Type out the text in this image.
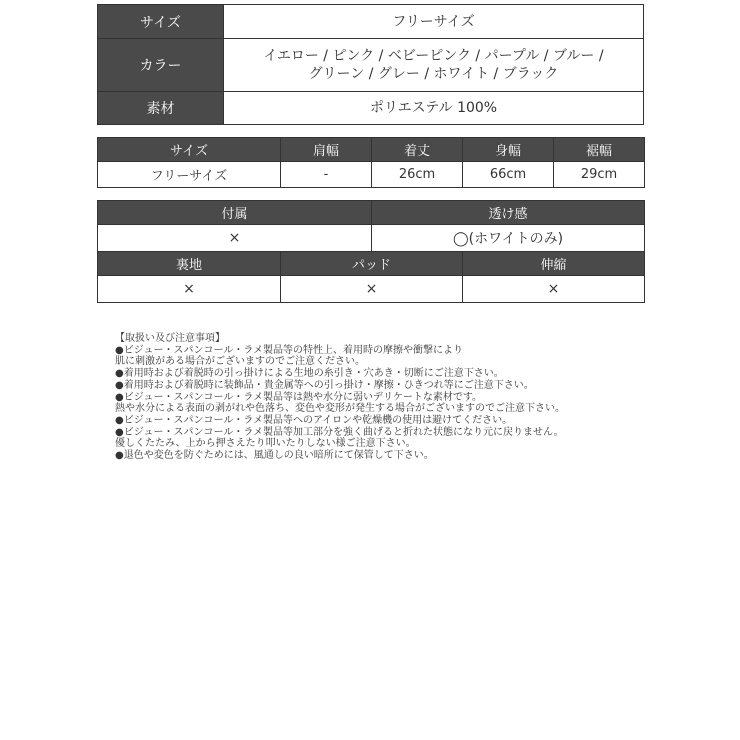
サイズ	フリーサイズ
カラー	イエロー / ピンク / ベビーピンク / パープル / ブルー /
グリーン / グレー / ホワイト / ブラック

素材	ポリエステル 100%
サイズ	肩幅	着丈	身幅	裾幅
フリーサイズ	-	26cm	66cm	29cm
付属		透け感	
×		◯(ホワイトのみ)	
裏地	パッド		伸縮
×	×		×
【取扱い及び注意事項】
●ビジュー・スパンコール・ラメ製品等の特性上、着用時の摩擦や衝撃により
肌に刺激がある場合がございますのでご注意ください。
●着用時および着脱時の引っ掛けによる生地の糸引き・穴あき・切断にご注意下さい。
●着用時および着脱時に装飾品・貴金属等への引っ掛け・摩擦・ひきつれ等にご注意下さい。
●ビジュー・スパンコール・ラメ製品等は熱や水分に弱いデリケートな素材です。
熱や水分による表面の剥がれや色落ち、変色や変形が発生する場合がございますのでご注意下さい。
●ビジュー・スパンコール・ラメ製品等へのアイロンや乾燥機の使用は避けてください。
●ビジュー・スパンコール・ラメ製品等加工部分を強く曲げると折れた状態になり元に戻りません。
優しくたたみ、上から押さえたり叩いたりしない様ご注意下さい。
●退色や変色を防ぐためには、風通しの良い暗所にて保管して下さい。
